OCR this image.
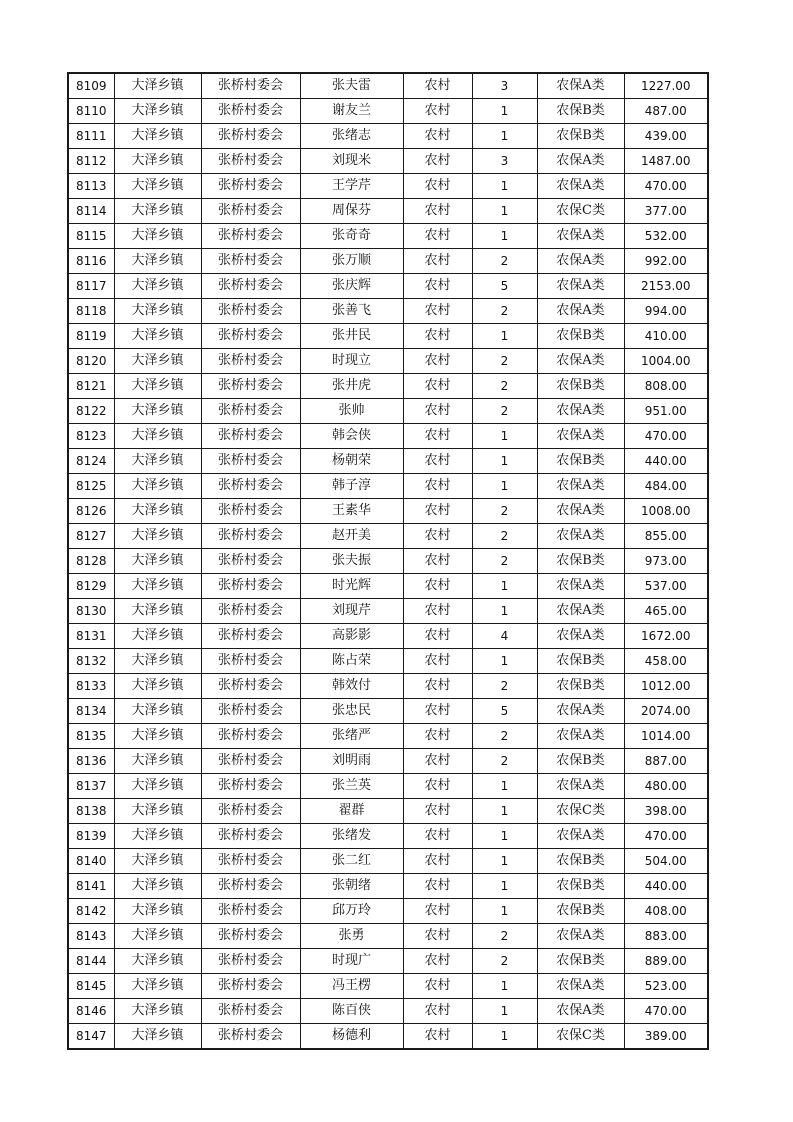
8109	大泽乡镇	张桥村委会	张夫雷	农村	3	农保A类	1227.00
8110	大泽乡镇	张桥村委会	谢友兰	农村	1	农保B类	487.00
8111	大泽乡镇	张桥村委会	张绪志	农村	1	农保B类	439.00
8112	大泽乡镇	张桥村委会	刘现米	农村	3	农保A类	1487.00
8113	大泽乡镇	张桥村委会	王学芹	农村	1	农保A类	470.00
8114	大泽乡镇	张桥村委会	周保芬	农村	1	农保C类	377.00
8115	大泽乡镇	张桥村委会	张奇奇	农村	1	农保A类	532.00
8116	大泽乡镇	张桥村委会	张万顺	农村	2	农保A类	992.00
8117	大泽乡镇	张桥村委会	张庆辉	农村	5	农保A类	2153.00
8118	大泽乡镇	张桥村委会	张善飞	农村	2	农保A类	994.00
8119	大泽乡镇	张桥村委会	张井民	农村	1	农保B类	410.00
8120	大泽乡镇	张桥村委会	时现立	农村	2	农保A类	1004.00
8121	大泽乡镇	张桥村委会	张井虎	农村	2	农保B类	808.00
8122	大泽乡镇	张桥村委会	张帅	农村	2	农保A类	951.00
8123	大泽乡镇	张桥村委会	韩会侠	农村	1	农保A类	470.00
8124	大泽乡镇	张桥村委会	杨朝荣	农村	1	农保B类	440.00
8125	大泽乡镇	张桥村委会	韩子淳	农村	1	农保A类	484.00
8126	大泽乡镇	张桥村委会	王素华	农村	2	农保A类	1008.00
8127	大泽乡镇	张桥村委会	赵开美	农村	2	农保A类	855.00
8128	大泽乡镇	张桥村委会	张夫振	农村	2	农保B类	973.00
8129	大泽乡镇	张桥村委会	时光辉	农村	1	农保A类	537.00
8130	大泽乡镇	张桥村委会	刘现芹	农村	1	农保A类	465.00
8131	大泽乡镇	张桥村委会	高影影	农村	4	农保A类	1672.00
8132	大泽乡镇	张桥村委会	陈占荣	农村	1	农保B类	458.00
8133	大泽乡镇	张桥村委会	韩效付	农村	2	农保B类	1012.00
8134	大泽乡镇	张桥村委会	张忠民	农村	5	农保A类	2074.00
8135	大泽乡镇	张桥村委会	张绪严	农村	2	农保A类	1014.00
8136	大泽乡镇	张桥村委会	刘明雨	农村	2	农保B类	887.00
8137	大泽乡镇	张桥村委会	张兰英	农村	1	农保A类	480.00
8138	大泽乡镇	张桥村委会	翟群	农村	1	农保C类	398.00
8139	大泽乡镇	张桥村委会	张绪发	农村	1	农保A类	470.00
8140	大泽乡镇	张桥村委会	张二红	农村	1	农保B类	504.00
8141	大泽乡镇	张桥村委会	张朝绪	农村	1	农保B类	440.00
8142	大泽乡镇	张桥村委会	邱万玲	农村	1	农保B类	408.00
8143	大泽乡镇	张桥村委会	张勇	农村	2	农保A类	883.00
8144	大泽乡镇	张桥村委会	时现广	农村	2	农保B类	889.00
8145	大泽乡镇	张桥村委会	冯王楞	农村	1	农保A类	523.00
8146	大泽乡镇	张桥村委会	陈百侠	农村	1	农保A类	470.00
8147	大泽乡镇	张桥村委会	杨德利	农村	1	农保C类	389.00
